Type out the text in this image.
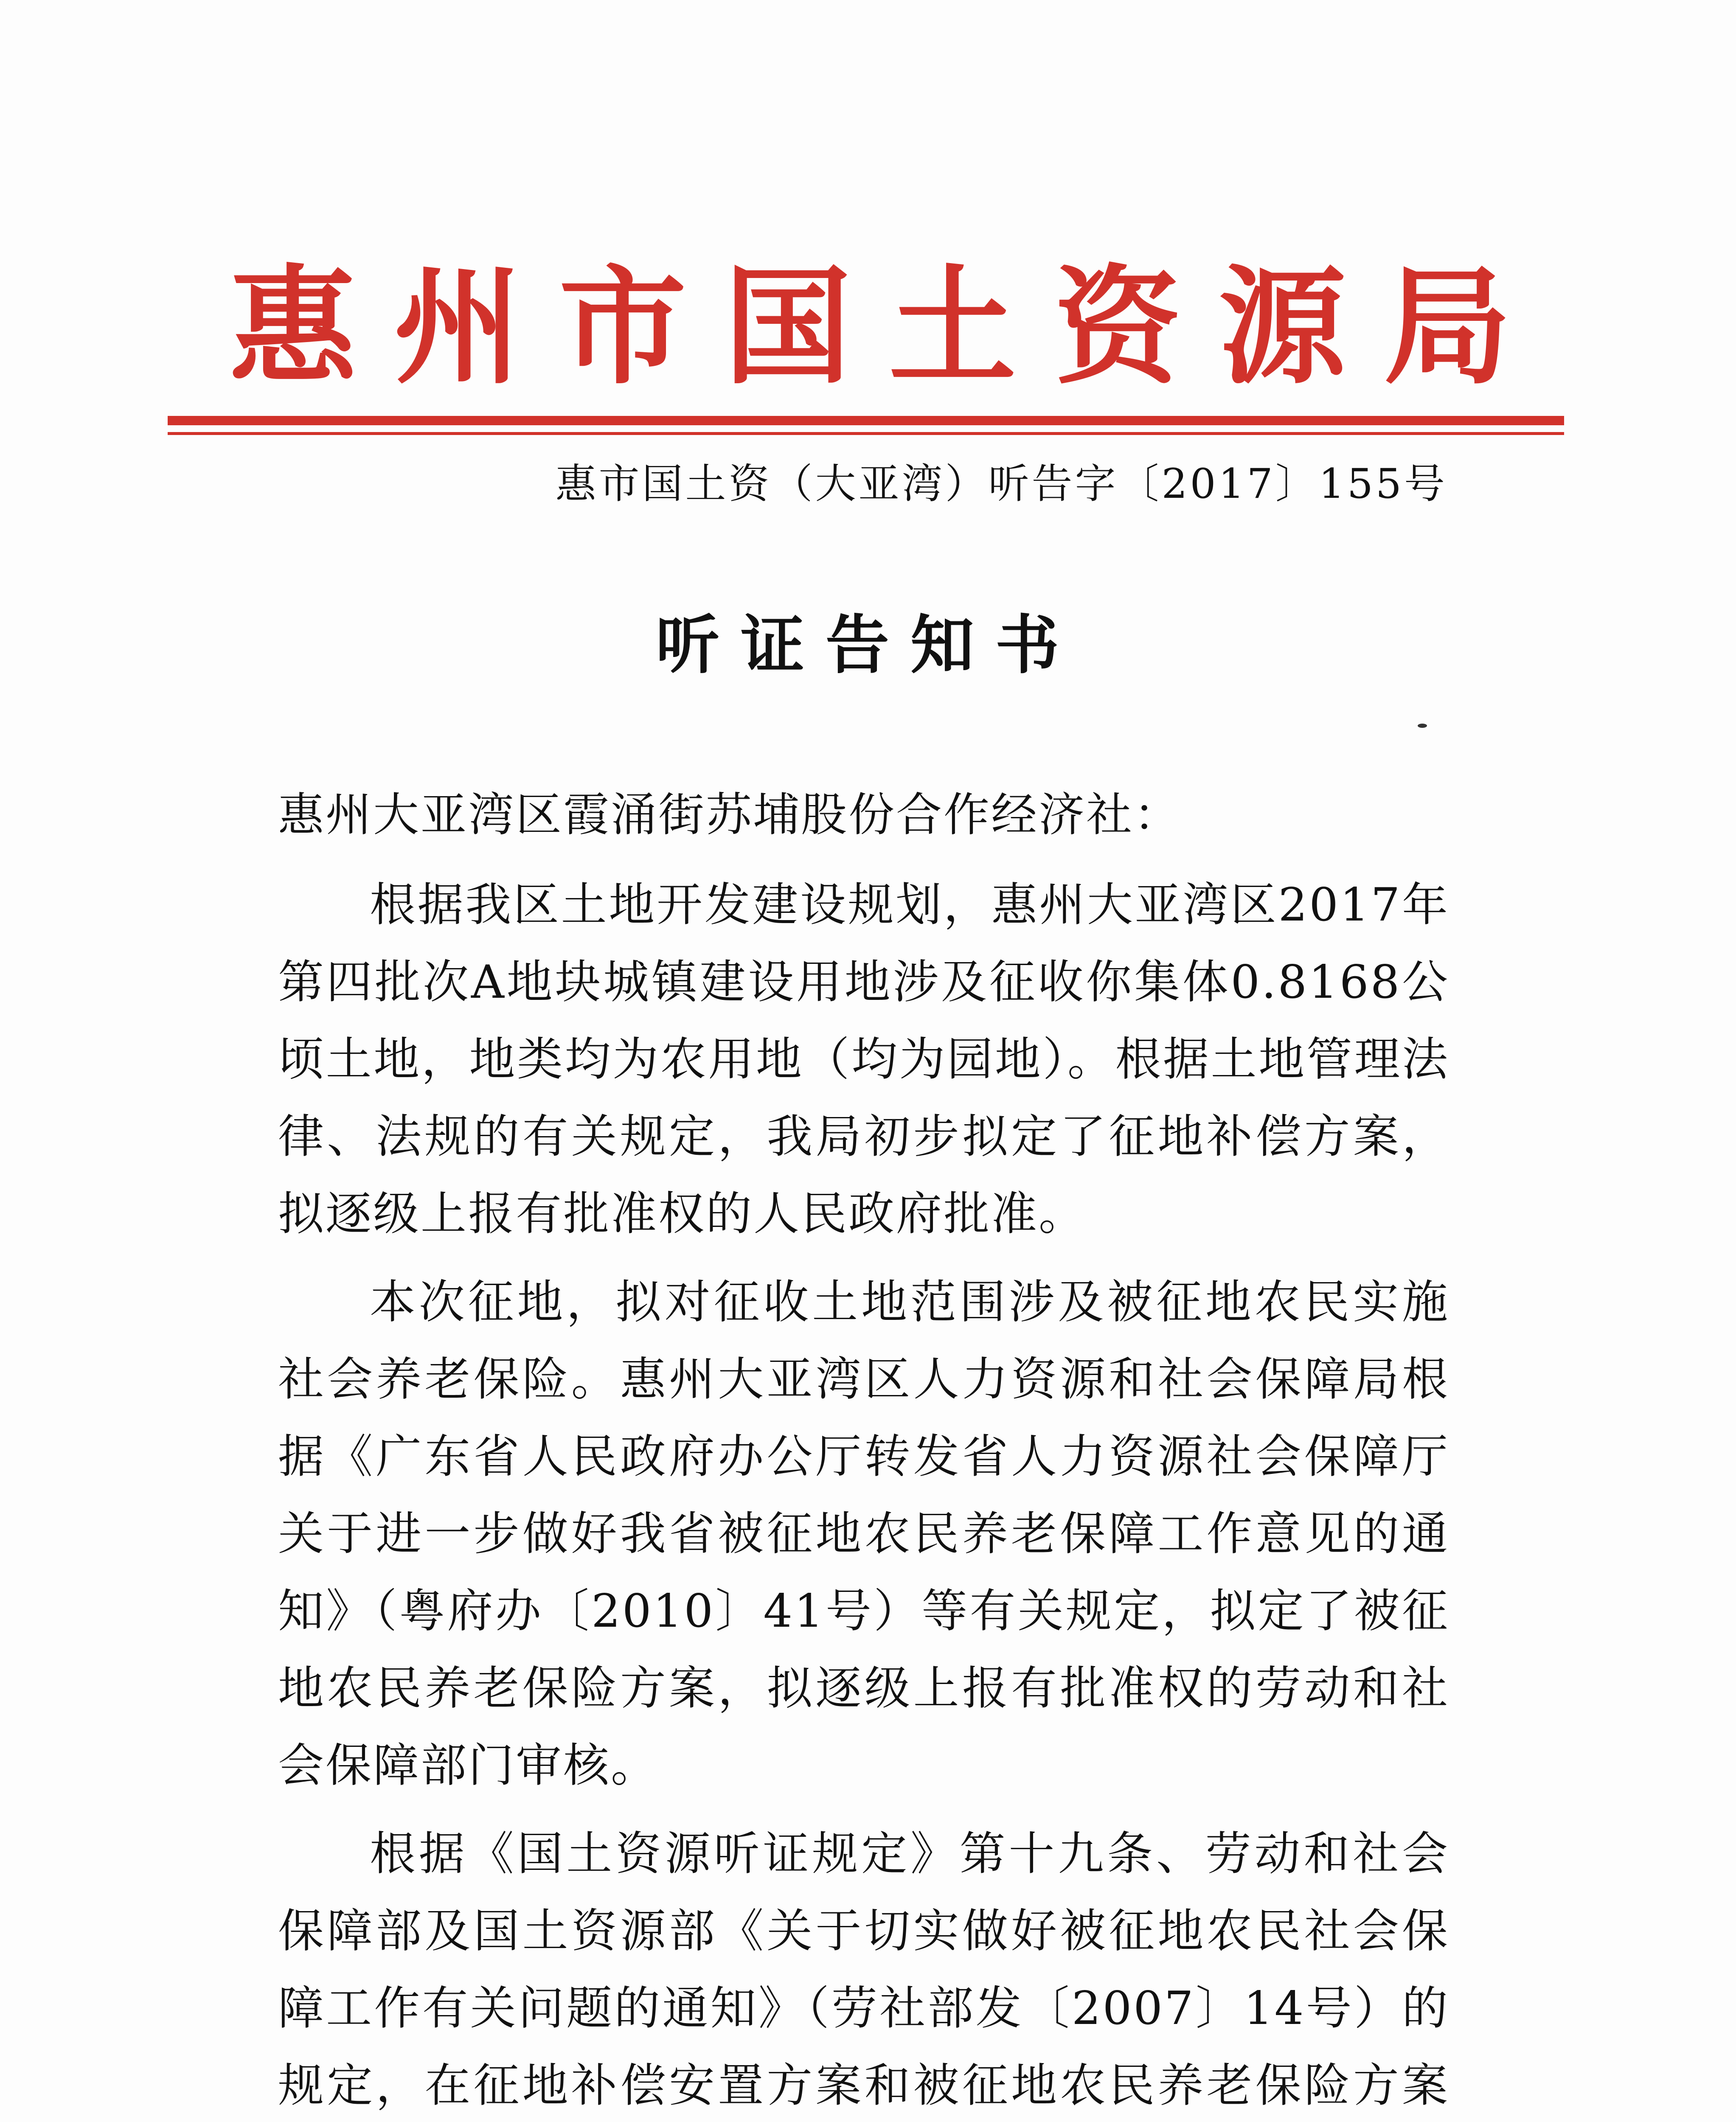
惠州市国土资源局
惠市国土资（大亚湾）听告字〔2017〕155号
听证告知书

惠州大亚湾区霞涌街苏埔股份合作经济社：

根据我区土地开发建设规划，惠州大亚湾区2017年第四批次A地块城镇建设用地涉及征收你集体0.8168公顷土地，地类均为农用地（均为园地）。根据土地管理法律、法规的有关规定，我局初步拟定了征地补偿方案，拟逐级上报有批准权的人民政府批准。

本次征地，拟对征收土地范围涉及被征地农民实施社会养老保险。惠州大亚湾区人力资源和社会保障局根据《广东省人民政府办公厅转发省人力资源社会保障厅关于进一步做好我省被征地农民养老保障工作意见的通知》（粤府办〔2010〕41号）等有关规定，拟定了被征地农民养老保险方案，拟逐级上报有批准权的劳动和社会保障部门审核。

根据《国土资源听证规定》第十九条、劳动和社会保障部及国土资源部《关于切实做好被征地农民社会保障工作有关问题的通知》（劳社部发〔2007〕14号）的规定，在征地补偿安置方案和被征地农民养老保险方案
